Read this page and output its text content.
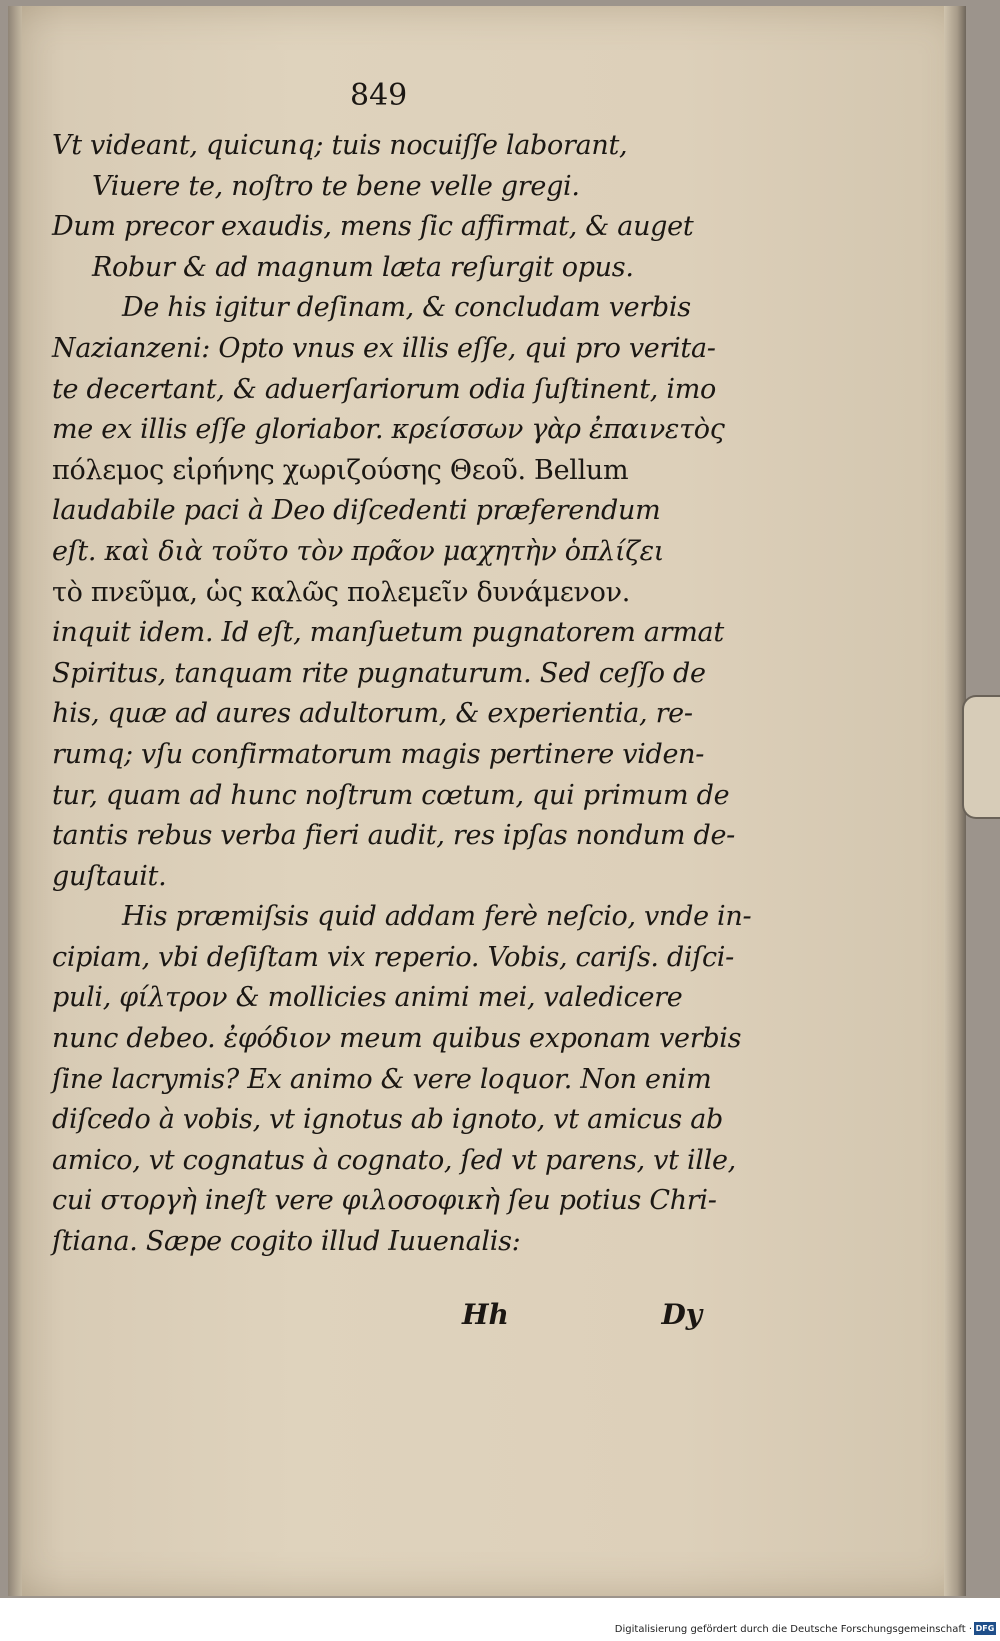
849
Vt videant, quicunq; tuis nocuiſſe laborant,
Viuere te, noſtro te bene velle gregi.
Dum precor exaudis, mens ſic affirmat, & auget
Robur & ad magnum læta reſurgit opus.
De his igitur deſinam, & concludam verbis
Nazianzeni: Opto vnus ex illis eſſe, qui pro verita-
te decertant, & aduerſariorum odia ſuſtinent, imo
me ex illis eſſe gloriabor. κρείσσων γὰρ ἐπαινετὸς
πόλεμος εἰρήνης χωριζούσης Θεοῦ. Bellum
laudabile paci à Deo diſcedenti præferendum
eſt. καὶ διὰ τοῦτο τὸν πρᾶον μαχητὴν ὁπλίζει
τὸ πνεῦμα, ὡς καλῶς πολεμεῖν δυνάμενον.
inquit idem. Id eſt, manſuetum pugnatorem armat
Spiritus, tanquam rite pugnaturum. Sed ceſſo de
his, quæ ad aures adultorum, & experientia, re-
rumq; vſu confirmatorum magis pertinere viden-
tur, quam ad hunc noſtrum cœtum, qui primum de
tantis rebus verba fieri audit, res ipſas nondum de-
guſtauit.
His præmiſsis quid addam ferè neſcio, vnde in-
cipiam, vbi deſiſtam vix reperio. Vobis, cariſs. diſci-
puli, φίλτρον & mollicies animi mei, valedicere
nunc debeo. ἐφόδιον meum quibus exponam verbis
ſine lacrymis? Ex animo & vere loquor. Non enim
diſcedo à vobis, vt ignotus ab ignoto, vt amicus ab
amico, vt cognatus à cognato, ſed vt parens, vt ille,
cui στοργὴ ineſt vere φιλοσοφικὴ ſeu potius Chri-
ſtiana. Sæpe cogito illud Iuuenalis:
Hh	Dy
Digitalisierung gefördert durch die Deutsche Forschungsgemeinschaft · DFG
